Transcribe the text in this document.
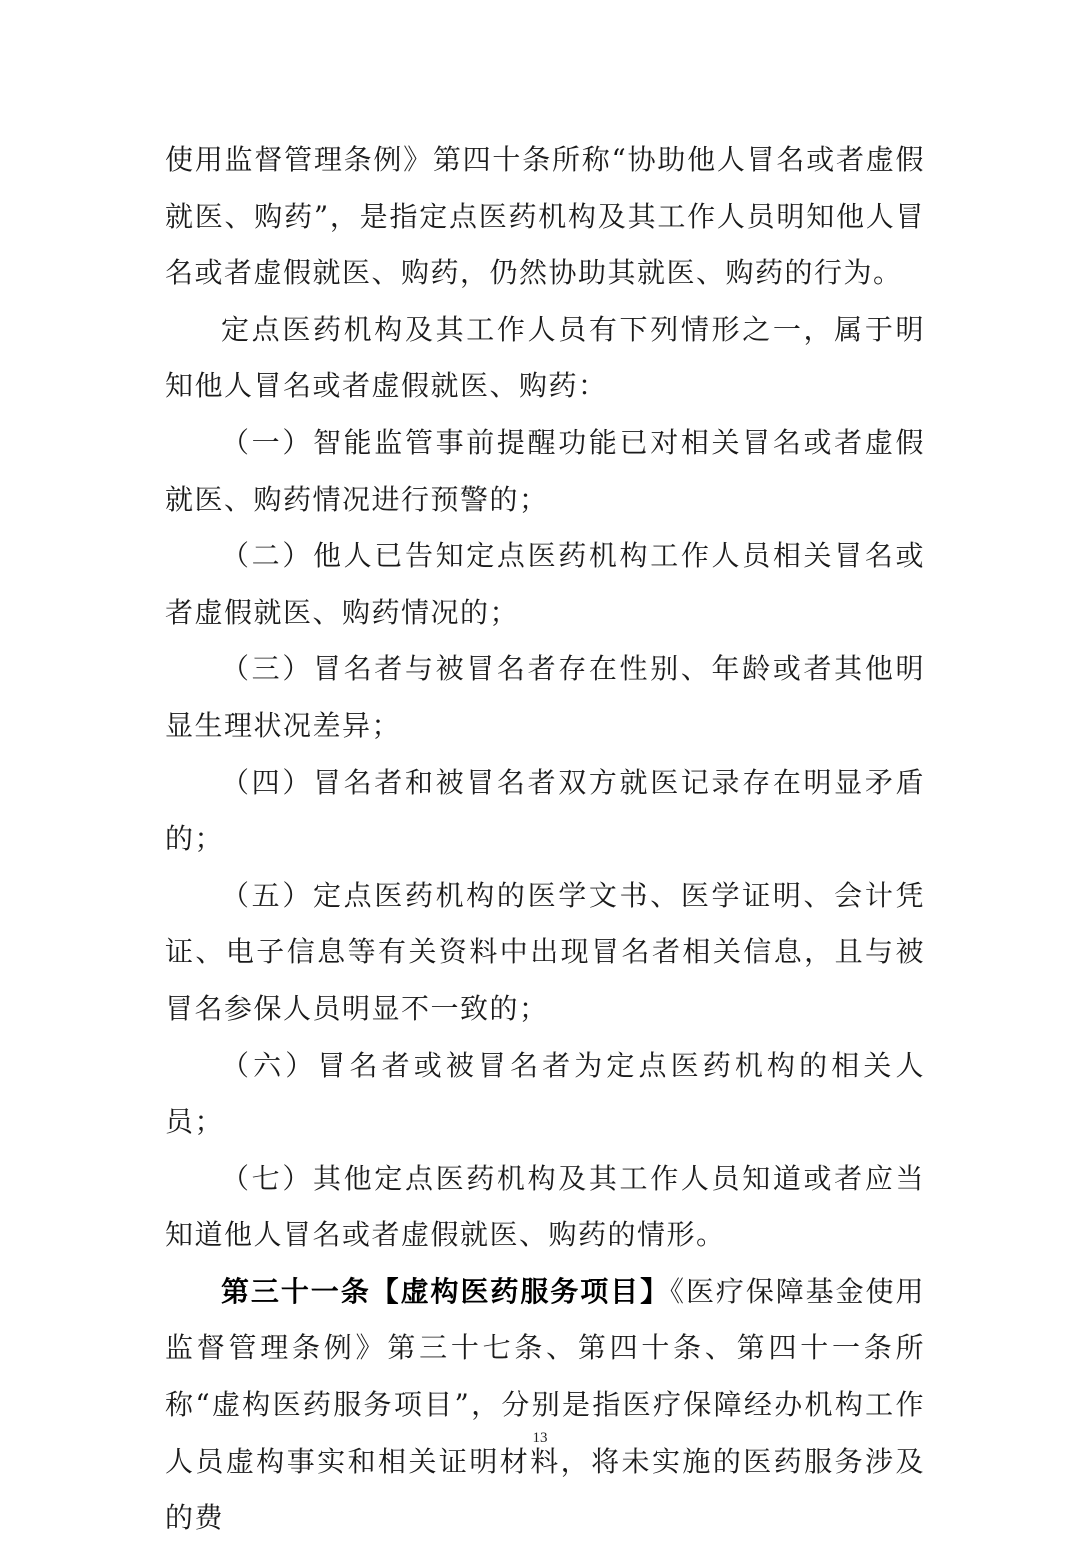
使用监督管理条例》第四十条所称“协助他人冒名或者虚假就医、购药”，是指定点医药机构及其工作人员明知他人冒名或者虚假就医、购药，仍然协助其就医、购药的行为。

定点医药机构及其工作人员有下列情形之一，属于明知他人冒名或者虚假就医、购药：

（一）智能监管事前提醒功能已对相关冒名或者虚假就医、购药情况进行预警的；

（二）他人已告知定点医药机构工作人员相关冒名或者虚假就医、购药情况的；

（三）冒名者与被冒名者存在性别、年龄或者其他明显生理状况差异；

（四）冒名者和被冒名者双方就医记录存在明显矛盾的；

（五）定点医药机构的医学文书、医学证明、会计凭证、电子信息等有关资料中出现冒名者相关信息，且与被冒名参保人员明显不一致的；

（六）冒名者或被冒名者为定点医药机构的相关人员；

（七）其他定点医药机构及其工作人员知道或者应当知道他人冒名或者虚假就医、购药的情形。

第三十一条【虚构医药服务项目】《医疗保障基金使用监督管理条例》第三十七条、第四十条、第四十一条所称“虚构医药服务项目”，分别是指医疗保障经办机构工作人员虚构事实和相关证明材料，将未实施的医药服务涉及的费

13
